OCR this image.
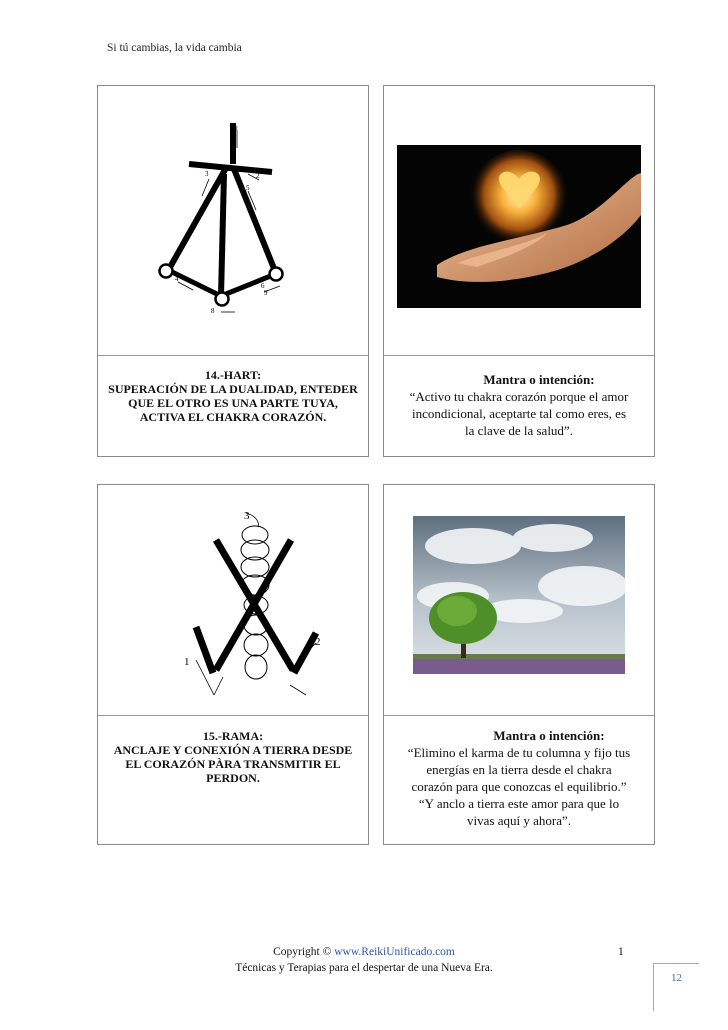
Si tú cambias, la vida cambia
1
3	2
5
4
6
9
8
14.-HART:
SUPERACIÓN DE LA DUALIDAD, ENTEDER
QUE EL OTRO ES UNA PARTE TUYA,
ACTIVA EL CHAKRA CORAZÓN.
Mantra o intención:
“Activo tu chakra corazón porque el amor
incondicional, aceptarte tal como eres, es
la clave de la salud”.
3
1
2
15.-RAMA:
ANCLAJE Y CONEXIÓN A TIERRA DESDE
EL CORAZÓN PÀRA TRANSMITIR EL
PERDON.
Mantra o intención:
“Elimino el karma de tu columna y fijo tus
energías en la tierra desde el chakra
corazón para que conozcas el equilibrio.”
“Y anclo a tierra este amor para que lo
vivas aquí y ahora”.
Copyright © www.ReikiUnificado.com	1
Técnicas y Terapias para el despertar de una Nueva Era.
12
